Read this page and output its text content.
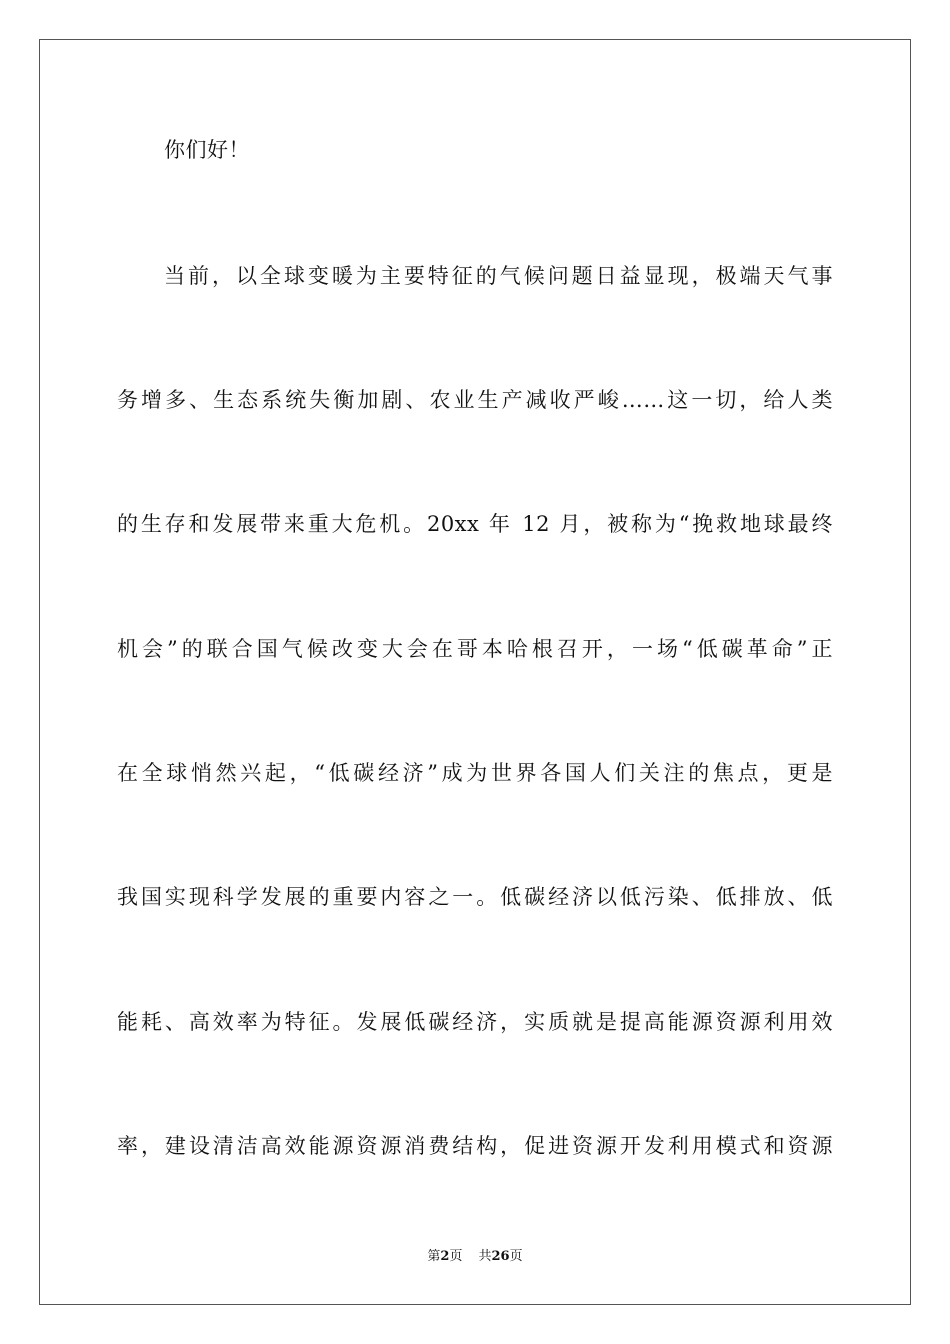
你们好！
当前，以全球变暖为主要特征的气候问题日益显现，极端天气事
务增多、生态系统失衡加剧、农业生产减收严峻……这一切，给人类
的生存和发展带来重大危机。20xx 年 12 月，被称为“挽救地球最终
机会”的联合国气候改变大会在哥本哈根召开，一场“低碳革命”正
在全球悄然兴起，“低碳经济”成为世界各国人们关注的焦点，更是
我国实现科学发展的重要内容之一。低碳经济以低污染、低排放、低
能耗、高效率为特征。发展低碳经济，实质就是提高能源资源利用效
率，建设清洁高效能源资源消费结构，促进资源开发利用模式和资源
第2页 共26页
